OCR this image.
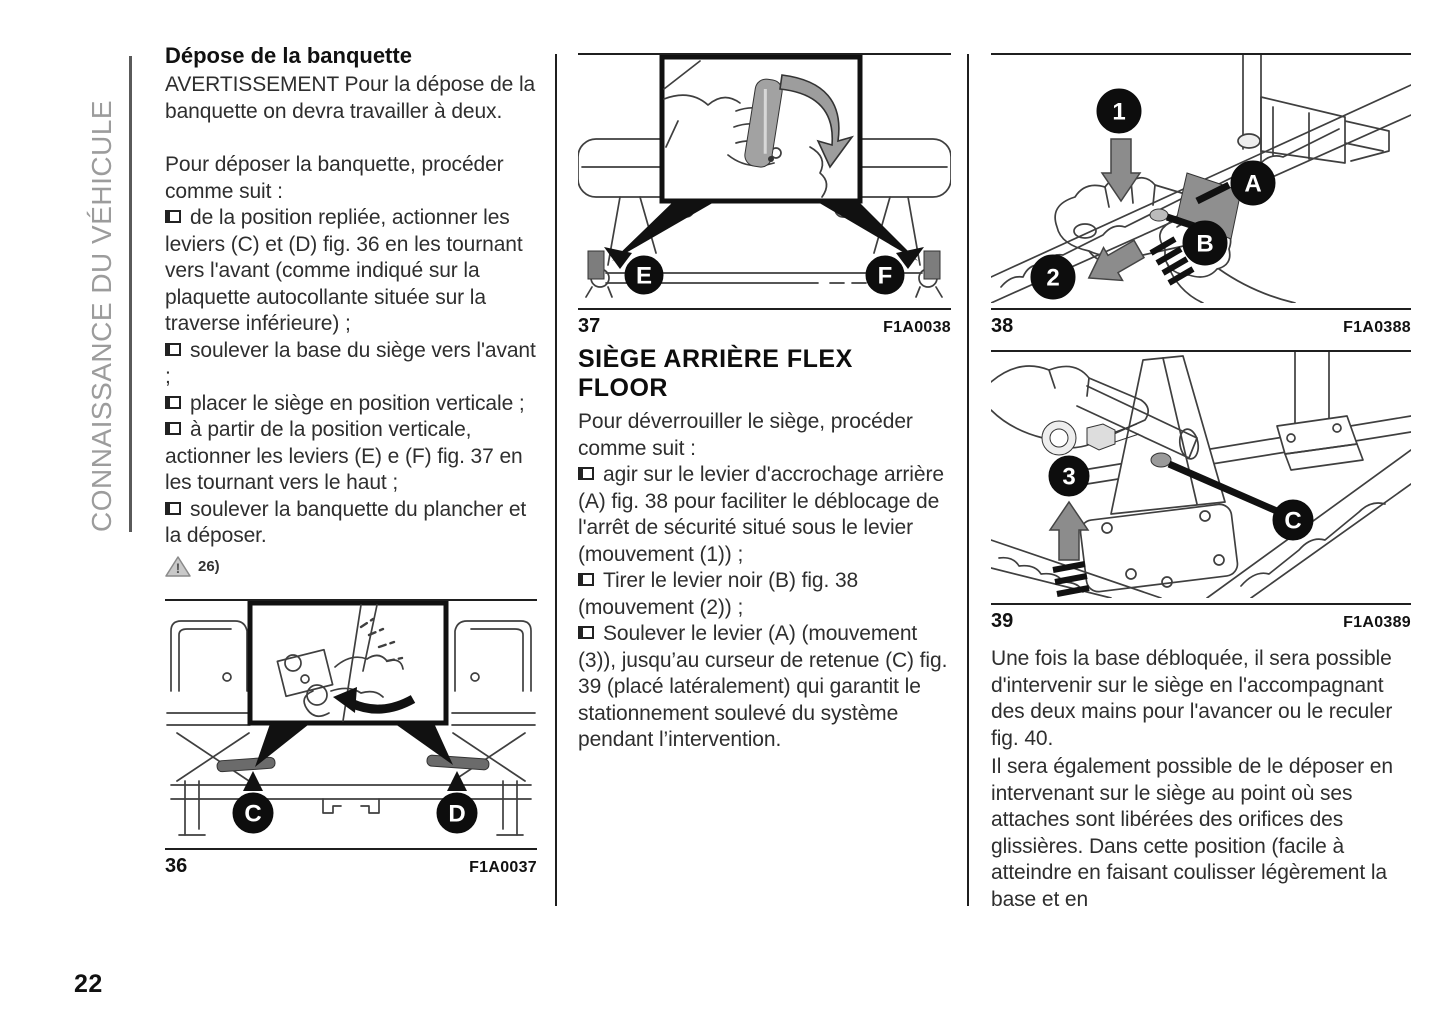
CONNAISSANCE DU VÉHICULE
22
Dépose de la banquette

AVERTISSEMENT Pour la dépose de la banquette on devra travailler à deux.

Pour déposer la banquette, procéder comme suit :

de la position repliée, actionner les leviers (C) et (D) fig. 36 en les tournant vers l'avant (comme indiqué sur la plaquette autocollante située sur la traverse inférieure) ;

soulever la base du siège vers l'avant ;

placer le siège en position verticale ;

à partir de la position verticale, actionner les leviers (E) e (F) fig. 37 en les tournant vers le haut ;

soulever la banquette du plancher et la déposer.

! 26)
C	D
36	F1A0037
E	F
37	F1A0038
SIÈGE ARRIÈRE FLEX FLOOR

Pour déverrouiller le siège, procéder comme suit :

agir sur le levier d'accrochage arrière (A) fig. 38 pour faciliter le déblocage de l'arrêt de sécurité situé sous le levier (mouvement (1)) ;

Tirer le levier noir (B) fig. 38 (mouvement (2)) ;

Soulever le levier (A) (mouvement (3)), jusqu’au curseur de retenue (C) fig. 39 (placé latéralement) qui garantit le stationnement soulevé du système pendant l’intervention.

1
A
B
2
38	F1A0388
3
C
39	F1A0389

Une fois la base débloquée, il sera possible d'intervenir sur le siège en l'accompagnant des deux mains pour l'avancer ou le reculer fig. 40.

Il sera également possible de le déposer en intervenant sur le siège au point où ses attaches sont libérées des orifices des glissières. Dans cette position (facile à atteindre en faisant coulisser légèrement la base et en
